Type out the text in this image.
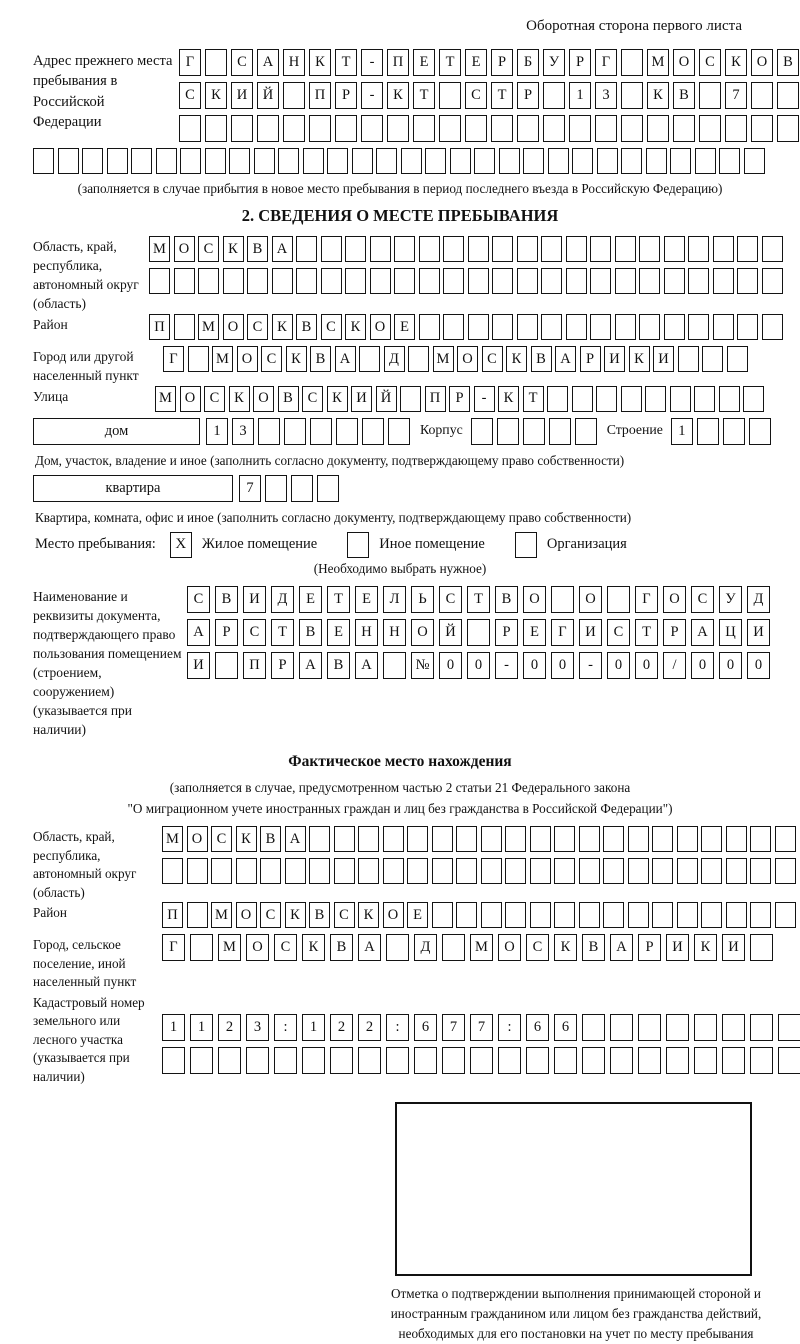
Оборотная сторона первого листа
Адрес прежнего места пребывания в Российской Федерации
Г	С	А	Н	К	Т	-	П	Е	Т	Е	Р	Б	У	Р	Г	М О	С	К	О	В
С	К	И	Й	П	Р	-	К	Т	С	Т	Р	1	3	К	В	7
(заполняется в случае прибытия в новое место пребывания в период последнего въезда в Российскую Федерацию)
2. СВЕДЕНИЯ О МЕСТЕ ПРЕБЫВАНИЯ
Область, край, республика, автономный округ (область)
М О С	К	В А
Район	П	М О С	К	В	С	К О	Е
Город или другой населенный пункт
Г	М О С	К	В А	Д	М О С	К	В А	Р	И К И
Улица	М О С	К О В	С	К И Й	П	Р	-	К	Т
дом	1	3	Корпус	Строение	1
Дом, участок, владение и иное (заполнить согласно документу, подтверждающему право собственности)
квартира	7
Квартира, комната, офис и иное (заполнить согласно документу, подтверждающему право собственности)
Место пребывания:	X	Жилое помещение	Иное помещение	Организация
(Необходимо выбрать нужное)
Наименование и реквизиты документа, подтверждающего право пользования помещением (строением, сооружением) (указывается при наличии)
С	В	И	Д	Е	Т	Е	Л	Ь	С	Т	В	О	О	Г	О	С	У	Д
А	Р	С	Т	В	Е	Н	Н	О	Й	Р	Е	Г	И	С	Т	Р	А	Ц	И
И	П	Р	А	В	А	№	0	0	-	0	0	-	0	0	/	0	0	0
Фактическое место нахождения
(заполняется в случае, предусмотренном частью 2 статьи 21 Федерального закона
"О миграционном учете иностранных граждан и лиц без гражданства в Российской Федерации")
Область, край, республика, автономный округ (область)
М О С	К	В А
Район	П	М О С	К	В	С	К О	Е
Город, сельское поселение, иной населенный пункт
Г	М	О	С	К	В	А	Д	М	О	С	К	В	А	Р	И	К	И
Кадастровый номер земельного или лесного участка (указывается при наличии)
1	1	2	3	:	1	2	2	:	6	7	7	:	6	6
Отметка о подтверждении выполнения принимающей стороной и иностранным гражданином или лицом без гражданства действий, необходимых для его постановки на учет по месту пребывания
